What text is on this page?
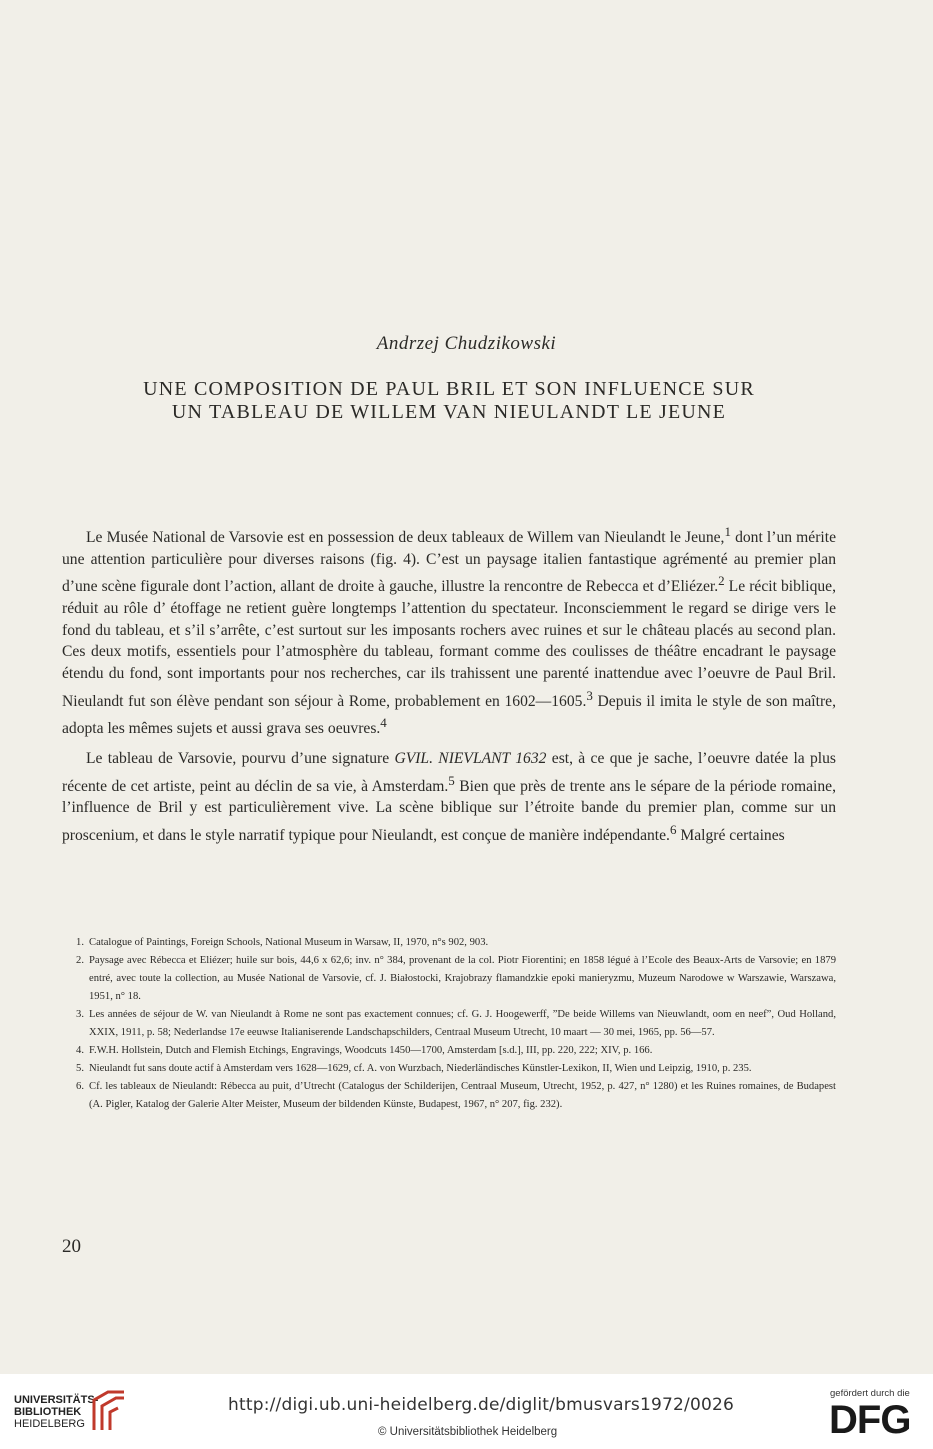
Andrzej Chudzikowski
UNE COMPOSITION DE PAUL BRIL ET SON INFLUENCE SUR
UN TABLEAU DE WILLEM VAN NIEULANDT LE JEUNE

Le Musée National de Varsovie est en possession de deux tableaux de Willem van Nieulandt le Jeune,$^1$ dont l’un mérite une attention particulière pour diverses raisons (fig. 4). C’est un paysage italien fantastique agrémenté au premier plan d’une scène figurale dont l’action, allant de droite à gauche, illustre la rencontre de Rebecca et d’Eliézer.$^2$ Le récit biblique, réduit au rôle d’ étoffage ne retient guère longtemps l’attention du spectateur. Inconsciemment le regard se dirige vers le fond du tableau, et s’il s’arrête, c’est surtout sur les imposants rochers avec ruines et sur le château placés au second plan. Ces deux motifs, essentiels pour l’atmosphère du tableau, formant comme des coulisses de théâtre encadrant le paysage étendu du fond, sont importants pour nos recherches, car ils trahissent une parenté inattendue avec l’oeuvre de Paul Bril. Nieulandt fut son élève pendant son séjour à Rome, probablement en 1602—1605.$^3$ Depuis il imita le style de son maître, adopta les mêmes sujets et aussi grava ses oeuvres.$^4$

Le tableau de Varsovie, pourvu d’une signature GVIL. NIEVLANT 1632 est, à ce que je sache, l’oeuvre datée la plus récente de cet artiste, peint au déclin de sa vie, à Amsterdam.$^5$ Bien que près de trente ans le sépare de la période romaine, l’influence de Bril y est particulièrement vive. La scène biblique sur l’étroite bande du premier plan, comme sur un proscenium, et dans le style narratif typique pour Nieulandt, est conçue de manière indépendante.$^6$ Malgré certaines

1. Catalogue of Paintings, Foreign Schools, National Museum in Warsaw, II, 1970, n°s 902, 903.
2. Paysage avec Rébecca et Eliézer; huile sur bois, 44,6 x 62,6; inv. n° 384, provenant de la col. Piotr Fiorentini; en 1858 légué à l’Ecole des Beaux-Arts de Varsovie; en 1879 entré, avec toute la collection, au Musée National de Varsovie, cf. J. Białostocki, Krajobrazy flamandzkie epoki manieryzmu, Muzeum Narodowe w Warszawie, Warszawa, 1951, n° 18.
3. Les années de séjour de W. van Nieulandt à Rome ne sont pas exactement connues; cf. G. J. Hoogewerff, ”De beide Willems van Nieuwlandt, oom en neef”, Oud Holland, XXIX, 1911, p. 58; Nederlandse 17e eeuwse Italianiserende Landschapschilders, Centraal Museum Utrecht, 10 maart — 30 mei, 1965, pp. 56—57.
4. F.W.H. Hollstein, Dutch and Flemish Etchings, Engravings, Woodcuts 1450—1700, Amsterdam [s.d.], III, pp. 220, 222; XIV, p. 166.
5. Nieulandt fut sans doute actif à Amsterdam vers 1628—1629, cf. A. von Wurzbach, Niederländisches Künstler-Lexikon, II, Wien und Leipzig, 1910, p. 235.
6. Cf. les tableaux de Nieulandt: Rébecca au puit, d’Utrecht (Catalogus der Schilderijen, Centraal Museum, Utrecht, 1952, p. 427, n° 1280) et les Ruines romaines, de Budapest (A. Pigler, Katalog der Galerie Alter Meister, Museum der bildenden Künste, Budapest, 1967, n° 207, fig. 232).
20
UNIVERSITÄTS-
BIBLIOTHEK
HEIDELBERG
http://digi.ub.uni-heidelberg.de/diglit/bmusvars1972/0026
© Universitätsbibliothek Heidelberg
gefördert durch die
DFG
